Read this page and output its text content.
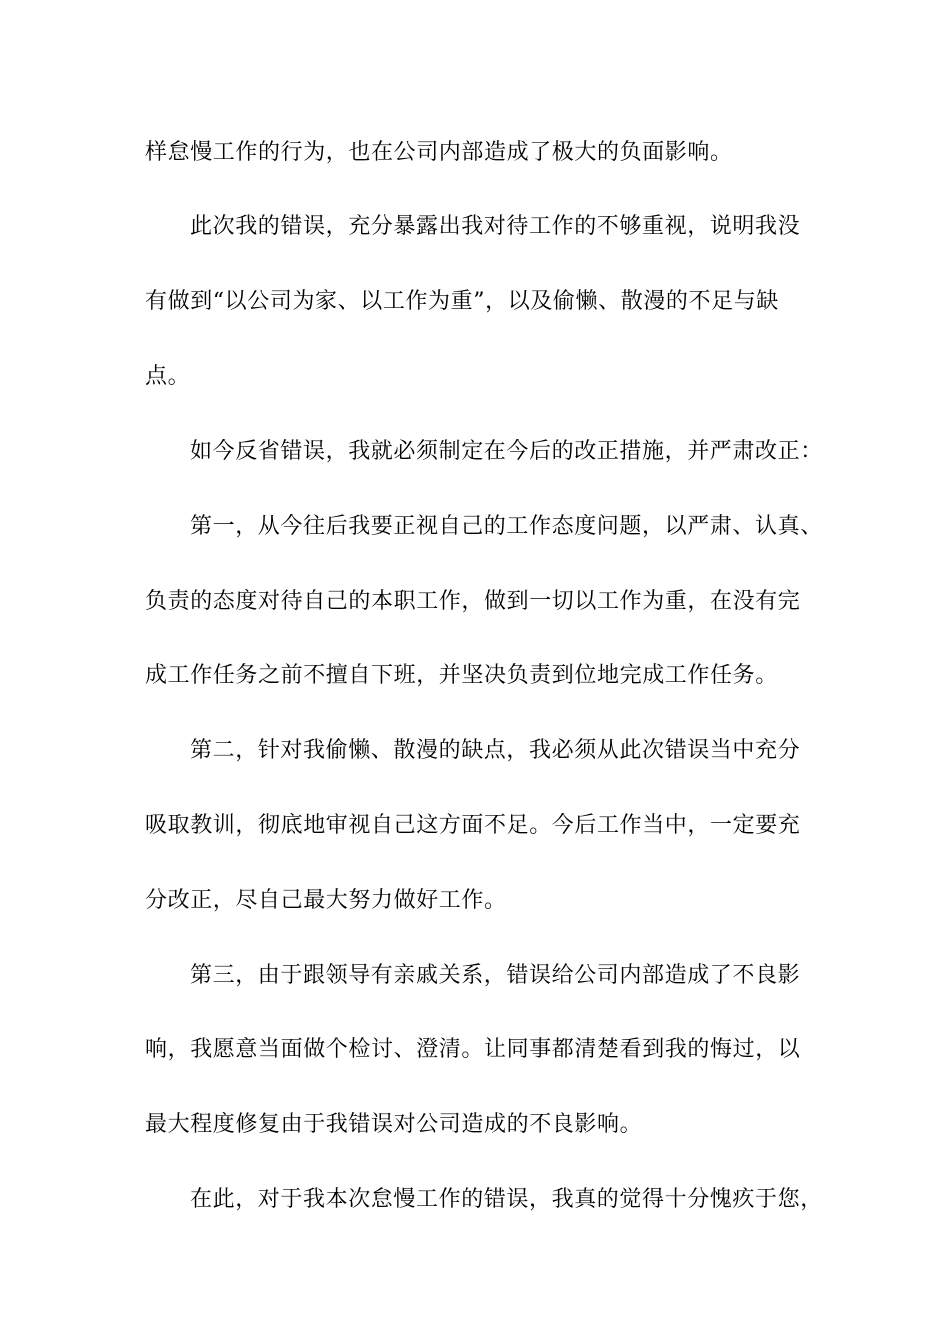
样怠慢工作的行为，也在公司内部造成了极大的负面影响。
此次我的错误，充分暴露出我对待工作的不够重视，说明我没
有做到“以公司为家、以工作为重”，以及偷懒、散漫的不足与缺
点。
如今反省错误，我就必须制定在今后的改正措施，并严肃改正：
第一，从今往后我要正视自己的工作态度问题，以严肃、认真、
负责的态度对待自己的本职工作，做到一切以工作为重，在没有完
成工作任务之前不擅自下班，并坚决负责到位地完成工作任务。
第二，针对我偷懒、散漫的缺点，我必须从此次错误当中充分
吸取教训，彻底地审视自己这方面不足。今后工作当中，一定要充
分改正，尽自己最大努力做好工作。
第三，由于跟领导有亲戚关系，错误给公司内部造成了不良影
响，我愿意当面做个检讨、澄清。让同事都清楚看到我的悔过，以
最大程度修复由于我错误对公司造成的不良影响。
在此，对于我本次怠慢工作的错误，我真的觉得十分愧疚于您，
